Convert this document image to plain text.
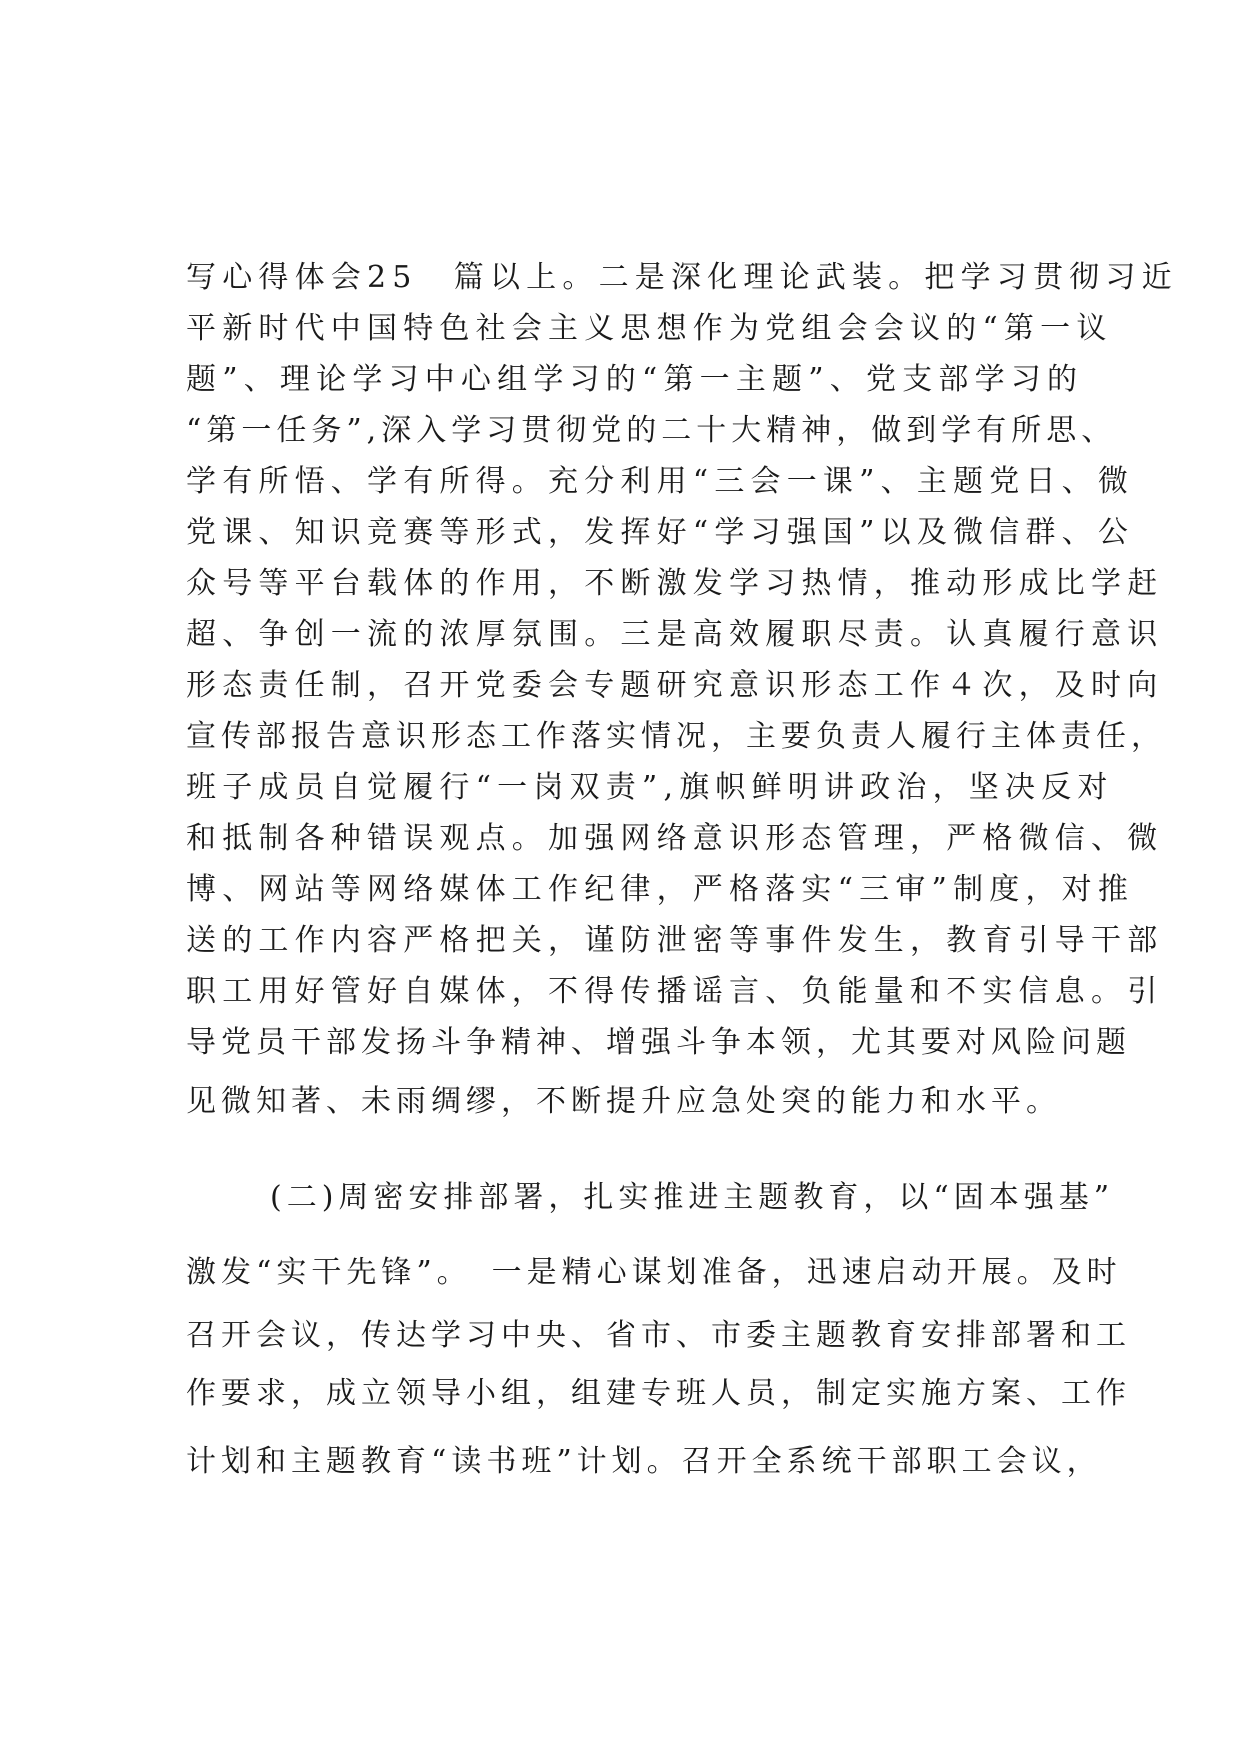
写心得体会25　篇以上。二是深化理论武装。把学习贯彻习近
平新时代中国特色社会主义思想作为党组会会议的“第一议
题”、理论学习中心组学习的“第一主题”、党支部学习的
“第一任务”,深入学习贯彻党的二十大精神，做到学有所思、
学有所悟、学有所得。充分利用“三会一课”、主题党日、微
党课、知识竞赛等形式，发挥好“学习强国”以及微信群、公
众号等平台载体的作用，不断激发学习热情，推动形成比学赶
超、争创一流的浓厚氛围。三是高效履职尽责。认真履行意识
形态责任制，召开党委会专题研究意识形态工作４次，及时向
宣传部报告意识形态工作落实情况，主要负责人履行主体责任，
班子成员自觉履行“一岗双责”,旗帜鲜明讲政治，坚决反对
和抵制各种错误观点。加强网络意识形态管理，严格微信、微
博、网站等网络媒体工作纪律，严格落实“三审”制度，对推
送的工作内容严格把关，谨防泄密等事件发生，教育引导干部
职工用好管好自媒体，不得传播谣言、负能量和不实信息。引
导党员干部发扬斗争精神、增强斗争本领，尤其要对风险问题
见微知著、未雨绸缪，不断提升应急处突的能力和水平。
(二)周密安排部署，扎实推进主题教育，以“固本强基”
激发“实干先锋”。　一是精心谋划准备，迅速启动开展。及时
召开会议，传达学习中央、省市、市委主题教育安排部署和工
作要求，成立领导小组，组建专班人员，制定实施方案、工作
计划和主题教育“读书班”计划。召开全系统干部职工会议，
